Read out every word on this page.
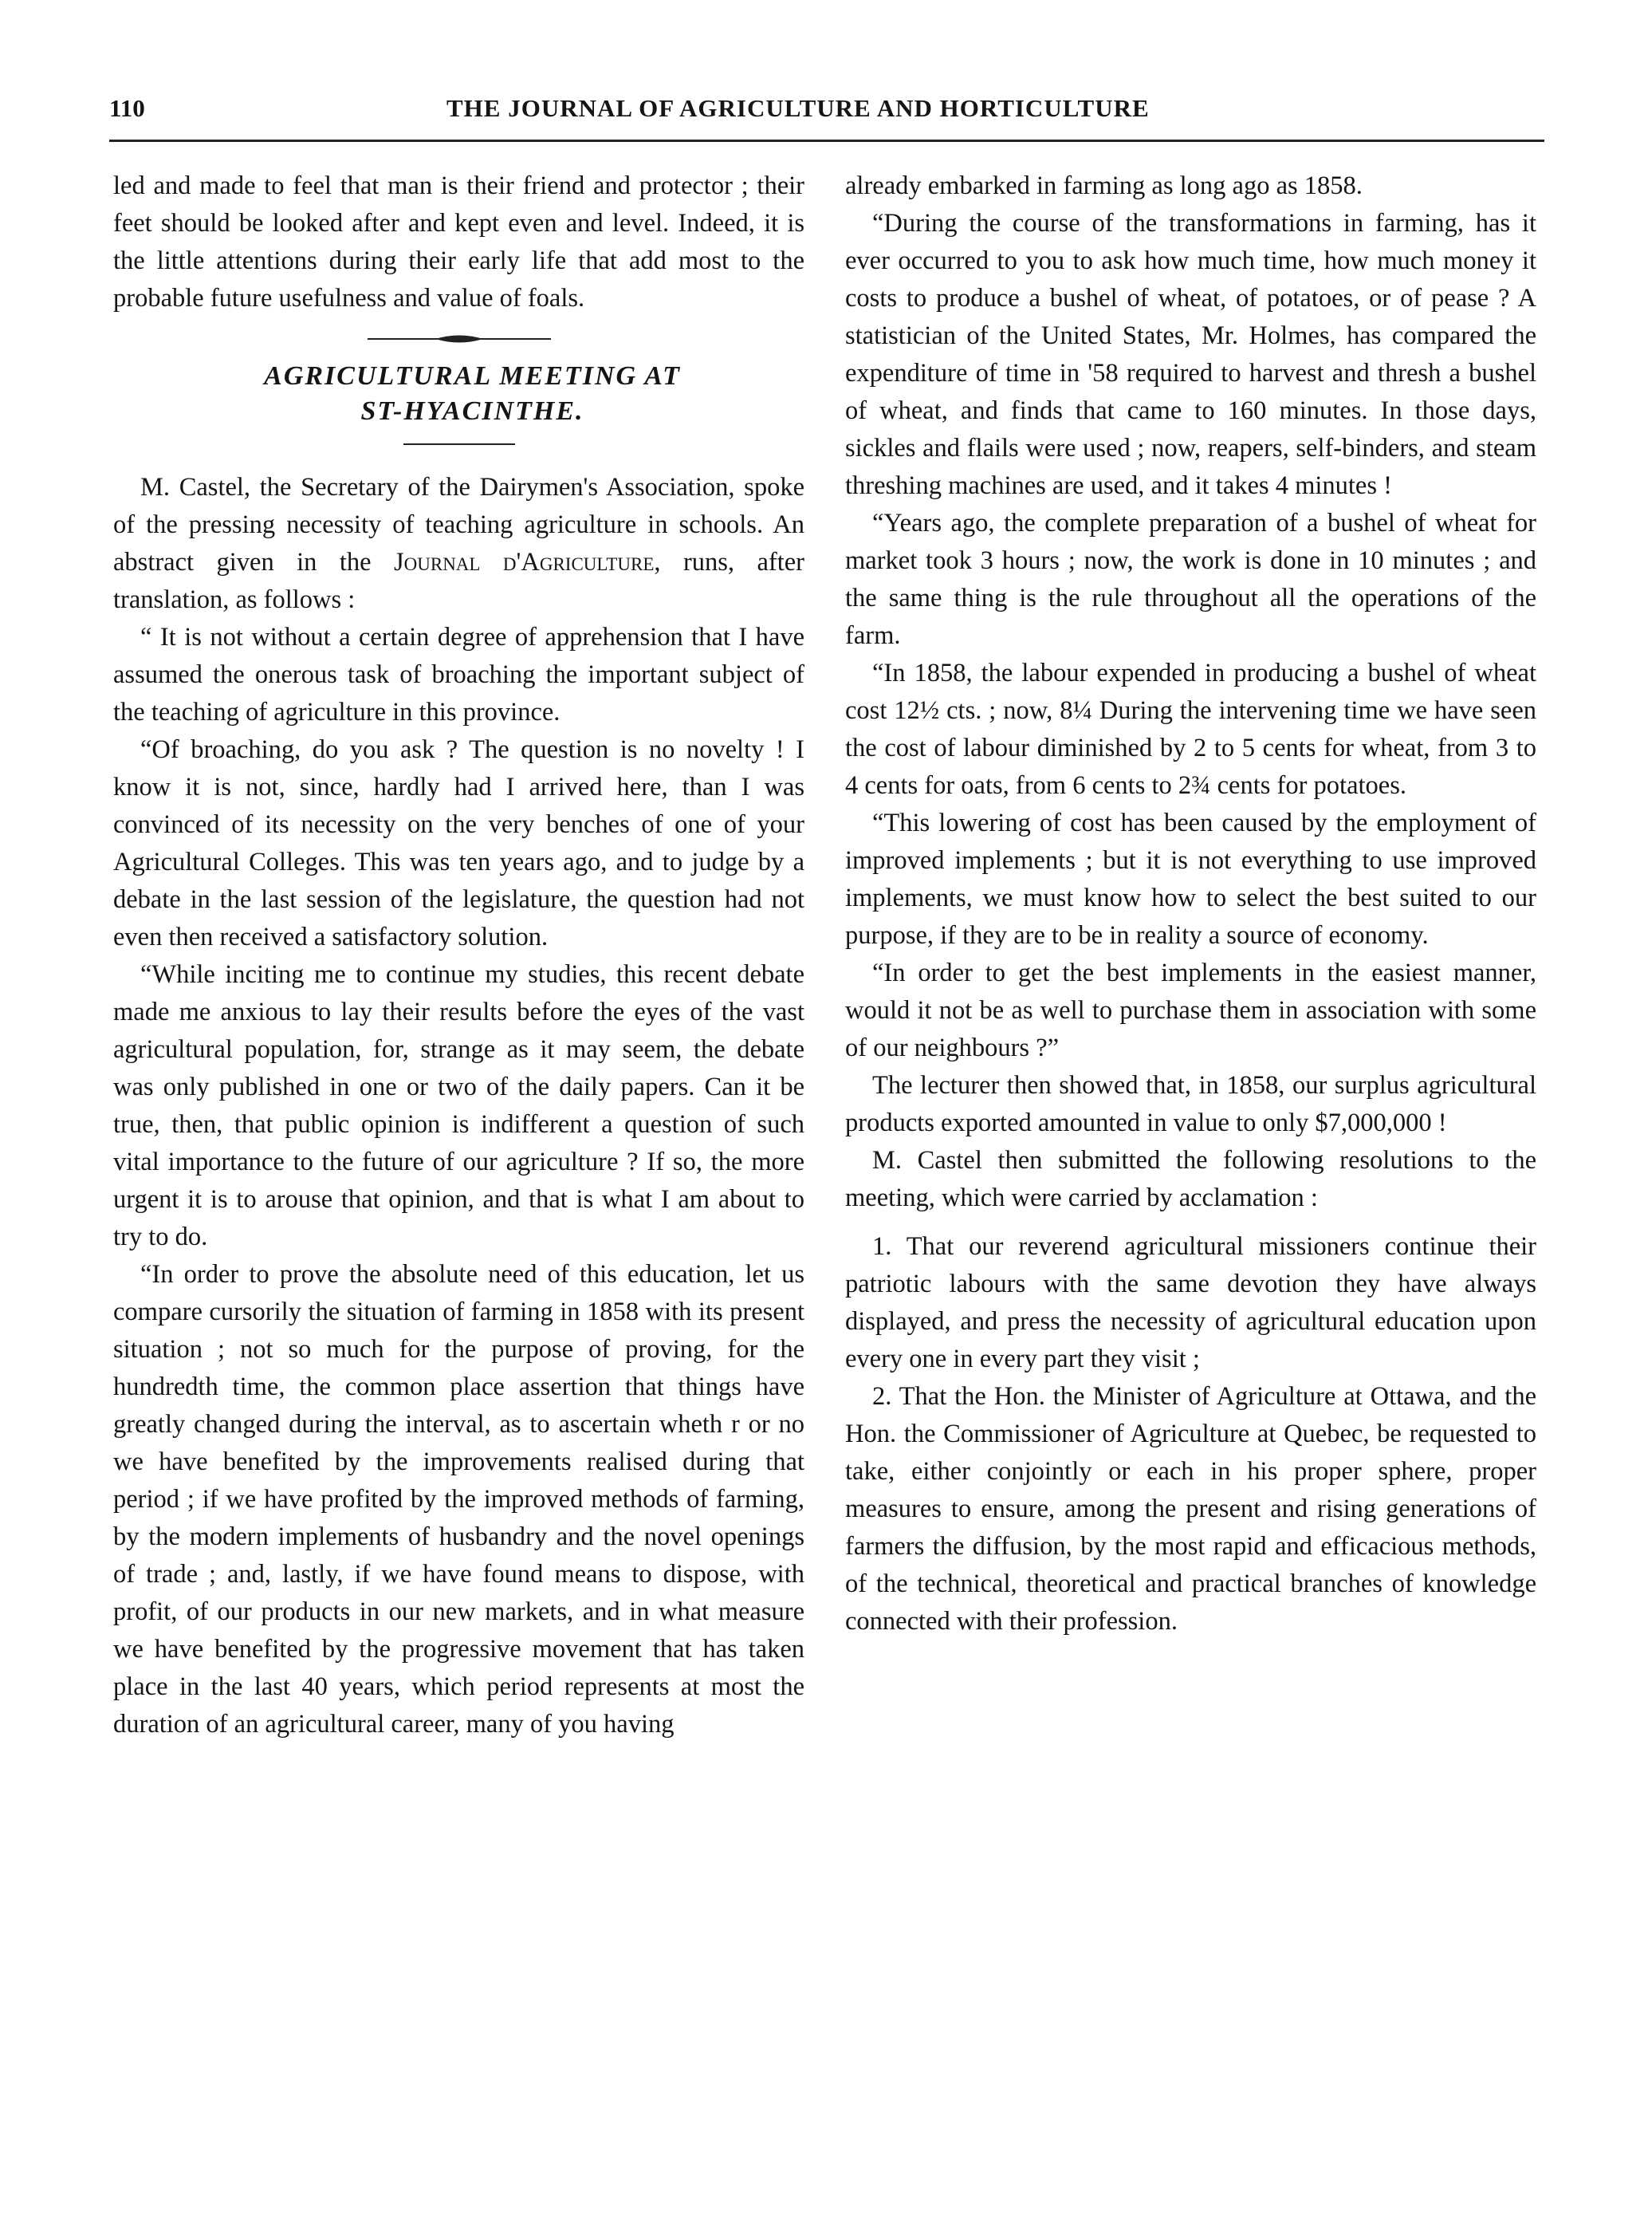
110	THE JOURNAL OF AGRICULTURE AND HORTICULTURE

led and made to feel that man is their friend and protector ; their feet should be looked after and kept even and level. Indeed, it is the little attentions during their early life that add most to the probable future usefulness and value of foals.

AGRICULTURAL MEETING AT

ST-HYACINTHE.

M. Castel, the Secretary of the Dairymen's Association, spoke of the pressing necessity of teaching agriculture in schools. An abstract given in the Journal d'Agriculture, runs, after translation, as follows :

“ It is not without a certain degree of apprehension that I have assumed the onerous task of broaching the important subject of the teaching of agriculture in this province.

“Of broaching, do you ask ? The question is no novelty ! I know it is not, since, hardly had I arrived here, than I was convinced of its necessity on the very benches of one of your Agricultural Colleges. This was ten years ago, and to judge by a debate in the last session of the legislature, the question had not even then received a satisfactory solution.

“While inciting me to continue my studies, this recent debate made me anxious to lay their results before the eyes of the vast agricultural population, for, strange as it may seem, the debate was only published in one or two of the daily papers. Can it be true, then, that public opinion is indifferent a question of such vital importance to the future of our agriculture ? If so, the more urgent it is to arouse that opinion, and that is what I am about to try to do.

“In order to prove the absolute need of this education, let us compare cursorily the situation of farming in 1858 with its present situation ; not so much for the purpose of proving, for the hundredth time, the common place assertion that things have greatly changed during the interval, as to ascertain wheth r or no we have benefited by the improvements realised during that period ; if we have profited by the improved methods of farming, by the modern implements of husbandry and the novel openings of trade ; and, lastly, if we have found means to dispose, with profit, of our products in our new markets, and in what measure we have benefited by the progressive movement that has taken place in the last 40 years, which period represents at most the duration of an agricultural career, many of you having

already embarked in farming as long ago as 1858.

“During the course of the transformations in farming, has it ever occurred to you to ask how much time, how much money it costs to produce a bushel of wheat, of potatoes, or of pease ? A statistician of the United States, Mr. Holmes, has compared the expenditure of time in '58 required to harvest and thresh a bushel of wheat, and finds that came to 160 minutes. In those days, sickles and flails were used ; now, reapers, self-binders, and steam threshing machines are used, and it takes 4 minutes !

“Years ago, the complete preparation of a bushel of wheat for market took 3 hours ; now, the work is done in 10 minutes ; and the same thing is the rule throughout all the operations of the farm.

“In 1858, the labour expended in producing a bushel of wheat cost 12½ cts. ; now, 8¼ During the intervening time we have seen the cost of labour diminished by 2 to 5 cents for wheat, from 3 to 4 cents for oats, from 6 cents to 2¾ cents for potatoes.

“This lowering of cost has been caused by the employment of improved implements ; but it is not everything to use improved implements, we must know how to select the best suited to our purpose, if they are to be in reality a source of economy.

“In order to get the best implements in the easiest manner, would it not be as well to purchase them in association with some of our neighbours ?”

The lecturer then showed that, in 1858, our surplus agricultural products exported amounted in value to only $7,000,000 !

M. Castel then submitted the following resolutions to the meeting, which were carried by acclamation :

1. That our reverend agricultural missioners continue their patriotic labours with the same devotion they have always displayed, and press the necessity of agricultural education upon every one in every part they visit ;

2. That the Hon. the Minister of Agriculture at Ottawa, and the Hon. the Commissioner of Agriculture at Quebec, be requested to take, either conjointly or each in his proper sphere, proper measures to ensure, among the present and rising generations of farmers the diffusion, by the most rapid and efficacious methods, of the technical, theoretical and practical branches of knowledge connected with their profession.
